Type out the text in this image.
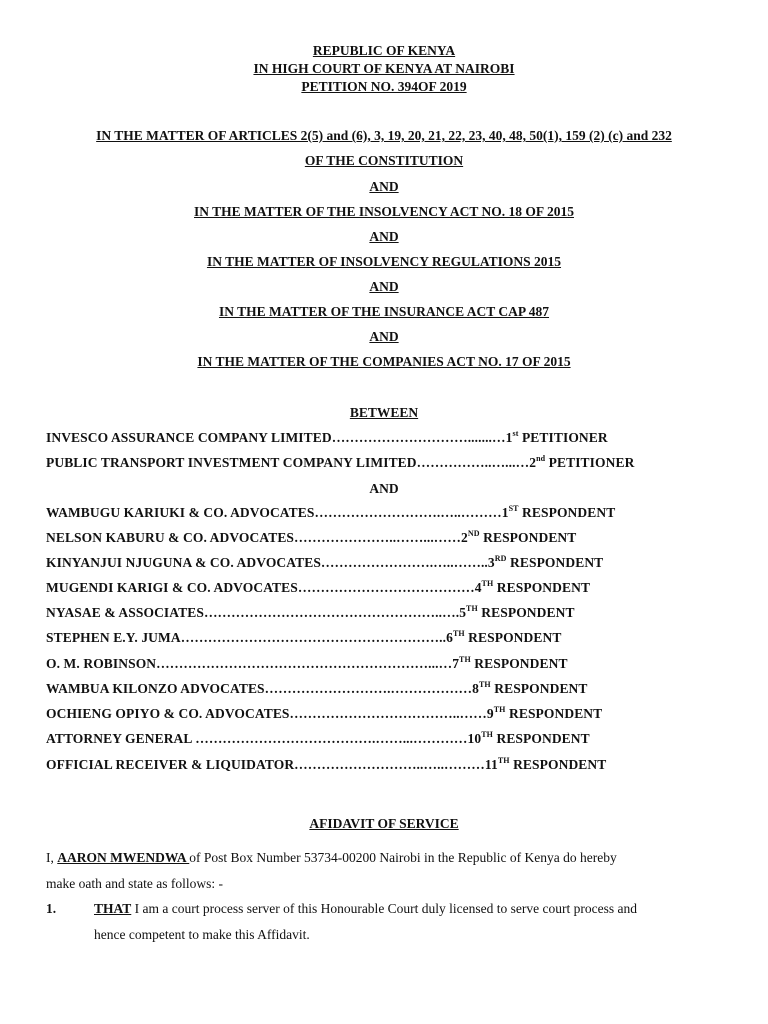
REPUBLIC OF KENYA
IN HIGH COURT OF KENYA AT NAIROBI
PETITION NO. 394OF 2019
IN THE MATTER OF ARTICLES 2(5) and (6), 3, 19, 20, 21, 22, 23, 40, 48, 50(1), 159 (2) (c) and 232
OF THE CONSTITUTION
AND
IN THE MATTER OF THE INSOLVENCY ACT NO. 18 OF 2015
AND
IN THE MATTER OF INSOLVENCY REGULATIONS 2015
AND
IN THE MATTER OF THE INSURANCE ACT CAP 487
AND
IN THE MATTER OF THE COMPANIES ACT NO. 17 OF 2015
BETWEEN
INVESCO ASSURANCE COMPANY LIMITED………………………….......…1st PETITIONER
PUBLIC TRANSPORT INVESTMENT COMPANY LIMITED……………..…...…2nd PETITIONER
AND
WAMBUGU KARIUKI & CO. ADVOCATES……………………….…..………1ST RESPONDENT
NELSON KABURU & CO. ADVOCATES…………………..……...……2ND RESPONDENT
KINYANJUI NJUGUNA & CO. ADVOCATES…………………….…..……..3RD RESPONDENT
MUGENDI KARIGI & CO. ADVOCATES…………………………………4TH RESPONDENT
NYASAE & ASSOCIATES……………………………………………..….5TH RESPONDENT
STEPHEN E.Y. JUMA…………………………………………………..6TH RESPONDENT
O. M. ROBINSON……………………………………………………...…7TH RESPONDENT
WAMBUA KILONZO ADVOCATES……………………….………………8TH RESPONDENT
OCHIENG OPIYO & CO. ADVOCATES………………………………..……9TH RESPONDENT
ATTORNEY GENERAL ………………………………….……...…………10TH RESPONDENT
OFFICIAL RECEIVER & LIQUIDATOR………………………..…..………11TH RESPONDENT
AFIDAVIT OF SERVICE
I, AARON MWENDWA of Post Box Number 53734-00200 Nairobi in the Republic of Kenya do hereby
make oath and state as follows: -
1.	THAT I am a court process server of this Honourable Court duly licensed to serve court process and
hence competent to make this Affidavit.
